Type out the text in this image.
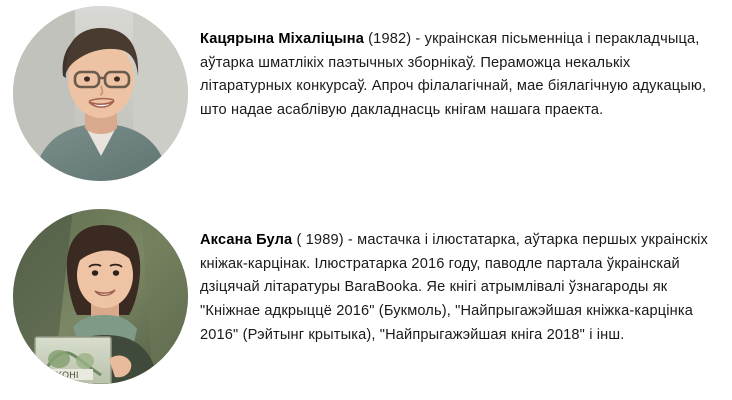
Кацярына Міхаліцына (1982) - украінская пісьменніца і перакладчыца, аўтарка шматлікіх паэтычных зборнікаў. Пераможца некалькіх літаратурных конкурсаў. Апроч філалагічнай, мае біялагічную адукацыю, што надае асаблівую дакладнасць кнігам нашага праекта.

БУКОНІ

Аксана Була ( 1989) - мастачка і ілюстатарка, аўтарка першых украінскіх кніжак-карцінак. Ілюстратарка 2016 году, паводле партала ўкраінскай дзіцячай літаратуры BaraBooka. Яе кнігі атрымлівалі ўзнагароды як "Кніжнае адкрыццё 2016" (Букмоль), "Найпрыгажэйшая кніжка-карцінка 2016" (Рэйтынг крытыка), "Найпрыгажэйшая кніга 2018" і інш.
